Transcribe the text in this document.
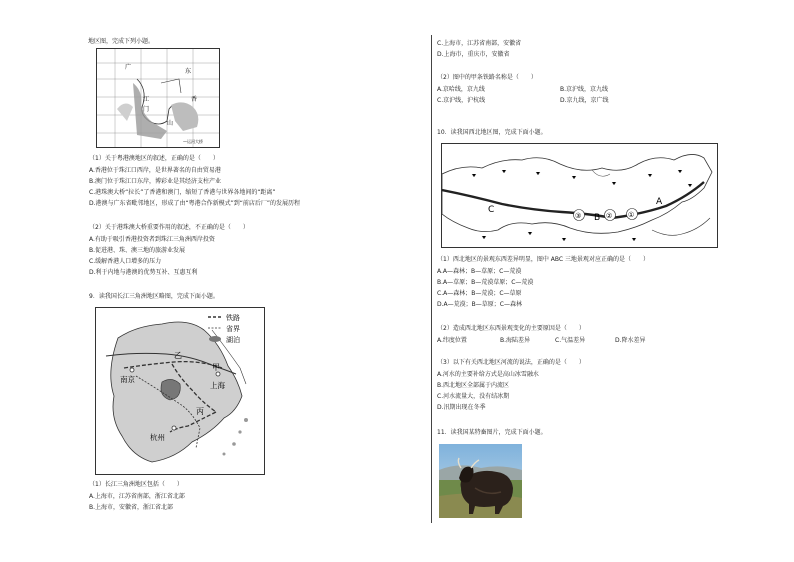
地区图，完成下列小题。
江
门
广
东
山
香
—运河大桥
（1）关于粤港澳地区的叙述，正确的是（　　）
A.香港位于珠江口西岸，是世界著名的自由贸易港
B.澳门位于珠江口东岸，博彩业是其经济支柱产业
C.港珠澳大桥“拉长”了香港和澳门，缩短了香港与世界各地间的“距离”
D.港澳与广东省毗邻地区，形成了由“粤港合作新模式”到“前店后厂”的发展历程
（2）关于港珠澳大桥重要作用的叙述，不正确的是（　　）
A.有助于吸引香港投资者到珠江三角洲西岸投资
B.促进港、珠、澳三地的旅游业发展
C.缓解香港人口增多的压力
D.利于内地与港澳的优势互补、互惠互利
9．读我国长江三角洲地区略图，完成下面小题。
铁路
省界
湖泊
南京
上海
杭州
乙
甲
丙
（1）长江三角洲地区包括（　　）
A.上海市，江苏省南部，浙江省北部
B.上海市，安徽省，浙江省北部
C.上海市，江苏省南部，安徽省
D.上海市，重庆市，安徽省
（2）图中的甲条铁路名称是（　　）
A.京哈线，京九线	B.京沪线，京九线
C.京沪线，沪杭线	D.京九线，京广线
10．读我国西北地区图，完成下面小题。
③	② ①
C
B
A
（1）西北地区的景观东西差异明显，图中 ABC 三地景观对应正确的是（　　）
A.A—森林；B—草原；C—荒漠
B.A—草原；B—荒漠草原；C—荒漠
C.A—森林；B—荒漠；C—草原
D.A—荒漠；B—草原；C—森林
（2）造成西北地区东西景观变化的主要原因是（　　）
A.纬度位置	B.海陆差异	C.气温差异	D.降水差异
（3）以下有关西北地区河流的说法，正确的是（　　）
A.河水的主要补给方式是高山冰雪融水
B.西北地区全部属于内流区
C.河水流量大，没有结冰期
D.汛期出现在冬季
11．读我国某特畜图片，完成下面小题。
